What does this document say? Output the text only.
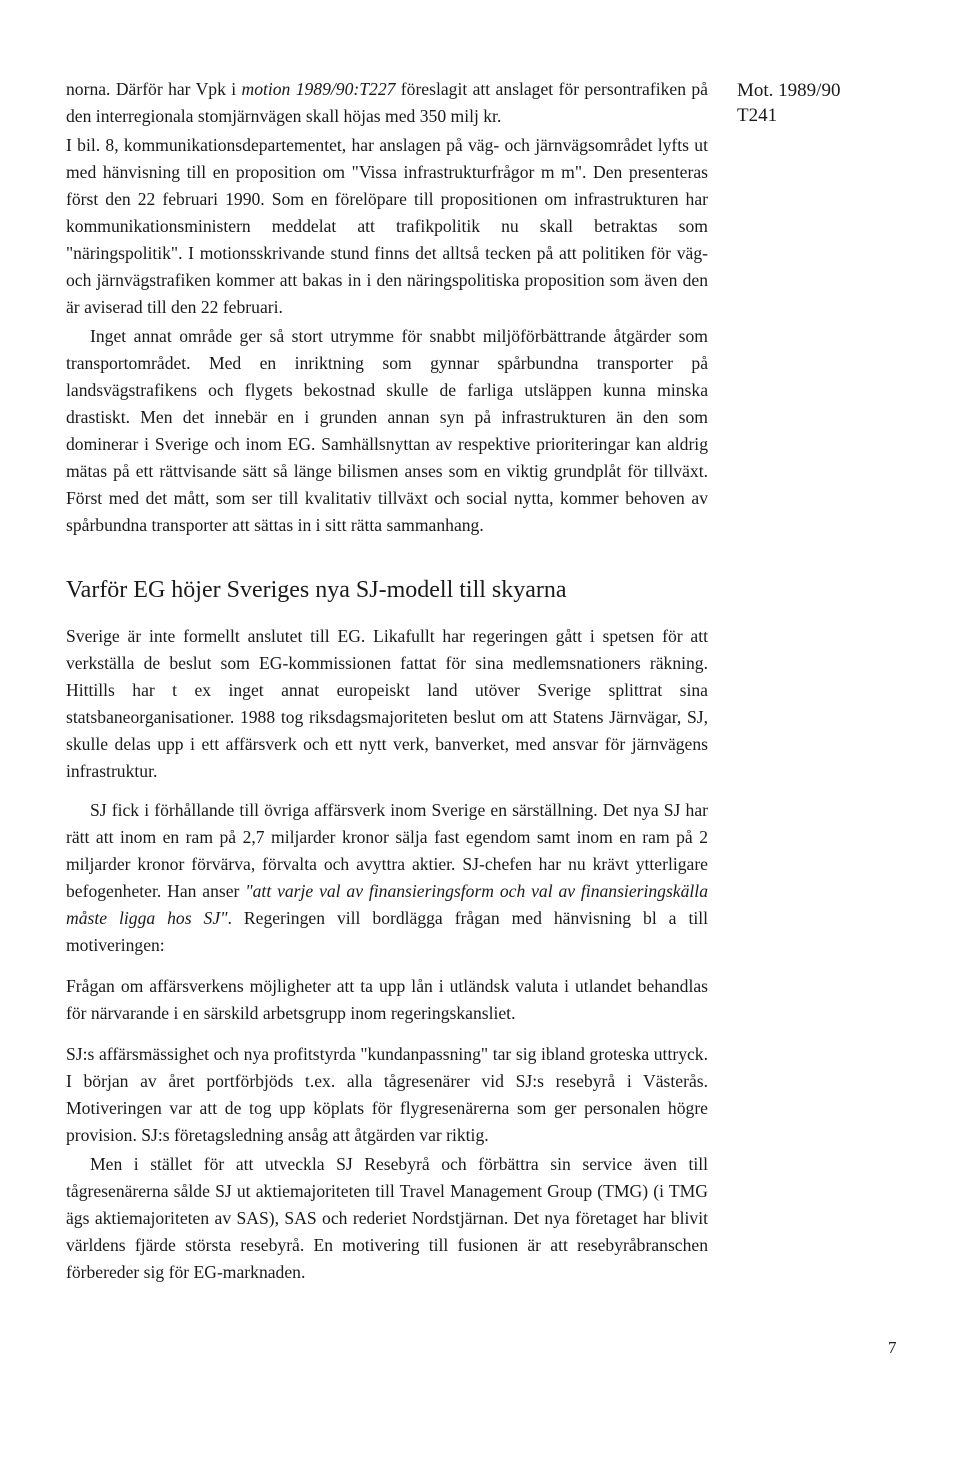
Mot. 1989/90
T241

norna. Därför har Vpk i motion 1989/90:T227 föreslagit att anslaget för persontrafiken på den interregionala stomjärnvägen skall höjas med 350 milj kr.

I bil. 8, kommunikationsdepartementet, har anslagen på väg- och järnvägsområdet lyfts ut med hänvisning till en proposition om "Vissa infrastrukturfrågor m m". Den presenteras först den 22 februari 1990. Som en förelöpare till propositionen om infrastrukturen har kommunikationsministern meddelat att trafikpolitik nu skall betraktas som "näringspolitik". I motionsskrivande stund finns det alltså tecken på att politiken för väg- och järnvägstrafiken kommer att bakas in i den näringspolitiska proposition som även den är aviserad till den 22 februari.

Inget annat område ger så stort utrymme för snabbt miljöförbättrande åtgärder som transportområdet. Med en inriktning som gynnar spårbundna transporter på landsvägstrafikens och flygets bekostnad skulle de farliga utsläppen kunna minska drastiskt. Men det innebär en i grunden annan syn på infrastrukturen än den som dominerar i Sverige och inom EG. Samhällsnyttan av respektive prioriteringar kan aldrig mätas på ett rättvisande sätt så länge bilismen anses som en viktig grundplåt för tillväxt. Först med det mått, som ser till kvalitativ tillväxt och social nytta, kommer behoven av spårbundna transporter att sättas in i sitt rätta sammanhang.

Varför EG höjer Sveriges nya SJ-modell till skyarna

Sverige är inte formellt anslutet till EG. Likafullt har regeringen gått i spetsen för att verkställa de beslut som EG-kommissionen fattat för sina medlemsnationers räkning. Hittills har t ex inget annat europeiskt land utöver Sverige splittrat sina statsbaneorganisationer. 1988 tog riksdagsmajoriteten beslut om att Statens Järnvägar, SJ, skulle delas upp i ett affärsverk och ett nytt verk, banverket, med ansvar för järnvägens infrastruktur.

SJ fick i förhållande till övriga affärsverk inom Sverige en särställning. Det nya SJ har rätt att inom en ram på 2,7 miljarder kronor sälja fast egendom samt inom en ram på 2 miljarder kronor förvärva, förvalta och avyttra aktier. SJ-chefen har nu krävt ytterligare befogenheter. Han anser "att varje val av finansieringsform och val av finansieringskälla måste ligga hos SJ". Regeringen vill bordlägga frågan med hänvisning bl a till motiveringen:

Frågan om affärsverkens möjligheter att ta upp lån i utländsk valuta i utlandet behandlas för närvarande i en särskild arbetsgrupp inom regeringskansliet.

SJ:s affärsmässighet och nya profitstyrda "kundanpassning" tar sig ibland groteska uttryck. I början av året portförbjöds t.ex. alla tågresenärer vid SJ:s resebyrå i Västerås. Motiveringen var att de tog upp köplats för flygresenärerna som ger personalen högre provision. SJ:s företagsledning ansåg att åtgärden var riktig.

Men i stället för att utveckla SJ Resebyrå och förbättra sin service även till tågresenärerna sålde SJ ut aktiemajoriteten till Travel Management Group (TMG) (i TMG ägs aktiemajoriteten av SAS), SAS och rederiet Nordstjärnan. Det nya företaget har blivit världens fjärde största resebyrå. En motivering till fusionen är att resebyråbranschen förbereder sig för EG-marknaden.

7
